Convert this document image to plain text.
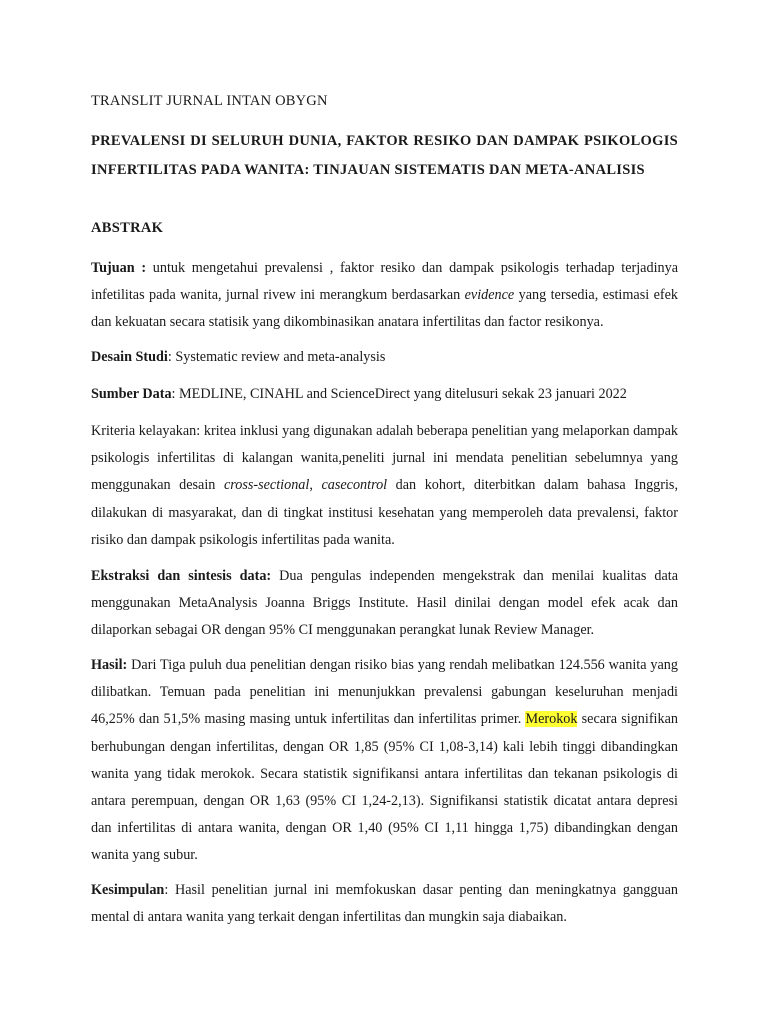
TRANSLIT JURNAL INTAN OBYGN
PREVALENSI DI SELURUH DUNIA, FAKTOR RESIKO DAN DAMPAK PSIKOLOGIS INFERTILITAS PADA WANITA: TINJAUAN SISTEMATIS DAN META-ANALISIS
ABSTRAK
Tujuan : untuk mengetahui prevalensi , faktor resiko dan dampak psikologis terhadap terjadinya infetilitas pada wanita, jurnal rivew ini merangkum berdasarkan evidence yang tersedia, estimasi efek dan kekuatan secara statisik yang dikombinasikan anatara infertilitas dan factor resikonya.
Desain Studi: Systematic review and meta-analysis
Sumber Data: MEDLINE, CINAHL and ScienceDirect yang ditelusuri sekak 23 januari 2022
Kriteria kelayakan: kritea inklusi yang digunakan adalah beberapa penelitian yang melaporkan dampak psikologis infertilitas di kalangan wanita,peneliti jurnal ini mendata penelitian sebelumnya yang menggunakan desain cross-sectional, casecontrol dan kohort, diterbitkan dalam bahasa Inggris, dilakukan di masyarakat, dan di tingkat institusi kesehatan yang memperoleh data prevalensi, faktor risiko dan dampak psikologis infertilitas pada wanita.
Ekstraksi dan sintesis data: Dua pengulas independen mengekstrak dan menilai kualitas data menggunakan MetaAnalysis Joanna Briggs Institute. Hasil dinilai dengan model efek acak dan dilaporkan sebagai OR dengan 95% CI menggunakan perangkat lunak Review Manager.
Hasil: Dari Tiga puluh dua penelitian dengan risiko bias yang rendah melibatkan 124.556 wanita yang dilibatkan. Temuan pada penelitian ini menunjukkan prevalensi gabungan keseluruhan menjadi 46,25% dan 51,5% masing masing untuk infertilitas dan infertilitas primer. Merokok secara signifikan berhubungan dengan infertilitas, dengan OR 1,85 (95% CI 1,08-3,14) kali lebih tinggi dibandingkan wanita yang tidak merokok. Secara statistik signifikansi antara infertilitas dan tekanan psikologis di antara perempuan, dengan OR 1,63 (95% CI 1,24-2,13). Signifikansi statistik dicatat antara depresi dan infertilitas di antara wanita, dengan OR 1,40 (95% CI 1,11 hingga 1,75) dibandingkan dengan wanita yang subur.
Kesimpulan: Hasil penelitian jurnal ini memfokuskan dasar penting dan meningkatnya gangguan mental di antara wanita yang terkait dengan infertilitas dan mungkin saja diabaikan.
